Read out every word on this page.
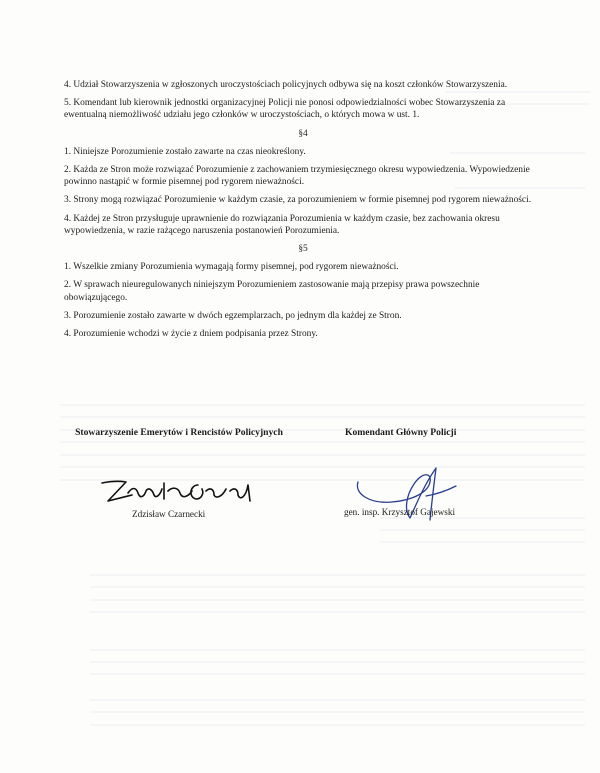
4. Udział Stowarzyszenia w zgłoszonych uroczystościach policyjnych odbywa się na koszt członków Stowarzyszenia.

5. Komendant lub kierownik jednostki organizacyjnej Policji nie ponosi odpowiedzialności wobec Stowarzyszenia za ewentualną niemożliwość udziału jego członków w uroczystościach, o których mowa w ust. 1.

§4

1. Niniejsze Porozumienie zostało zawarte na czas nieokreślony.

2. Każda ze Stron może rozwiązać Porozumienie z zachowaniem trzymiesięcznego okresu wypowiedzenia. Wypowiedzenie powinno nastąpić w formie pisemnej pod rygorem nieważności.

3. Strony mogą rozwiązać Porozumienie w każdym czasie, za porozumieniem w formie pisemnej pod rygorem nieważności.

4. Każdej ze Stron przysługuje uprawnienie do rozwiązania Porozumienia w każdym czasie, bez zachowania okresu wypowiedzenia, w razie rażącego naruszenia postanowień Porozumienia.

§5

1. Wszelkie zmiany Porozumienia wymagają formy pisemnej, pod rygorem nieważności.

2. W sprawach nieuregulowanych niniejszym Porozumieniem zastosowanie mają przepisy prawa powszechnie obowiązującego.

3. Porozumienie zostało zawarte w dwóch egzemplarzach, po jednym dla każdej ze Stron.

4. Porozumienie wchodzi w życie z dniem podpisania przez Strony.

Stowarzyszenie Emerytów i Rencistów Policyjnych
Zdzisław Czarnecki
Komendant Główny Policji
gen. insp. Krzysztof Gajewski
